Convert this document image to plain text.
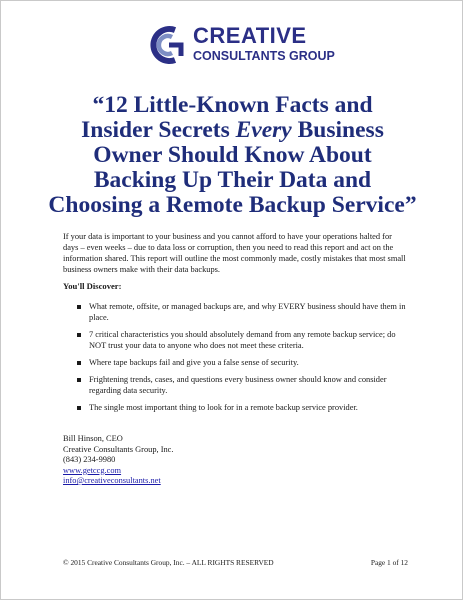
CREATIVE
CONSULTANTS GROUP
“12 Little-Known Facts and
Insider Secrets Every Business
Owner Should Know About
Backing Up Their Data and
Choosing a Remote Backup Service”

If your data is important to your business and you cannot afford to have your operations halted for days – even weeks – due to data loss or corruption, then you need to read this report and act on the information shared. This report will outline the most commonly made, costly mistakes that most small business owners make with their data backups.

You'll Discover:
What remote, offsite, or managed backups are, and why EVERY business should have them in place.
7 critical characteristics you should absolutely demand from any remote backup service; do NOT trust your data to anyone who does not meet these criteria.
Where tape backups fail and give you a false sense of security.
Frightening trends, cases, and questions every business owner should know and consider regarding data security.
The single most important thing to look for in a remote backup service provider.
Bill Hinson, CEO
Creative Consultants Group, Inc.
(843) 234-9980
www.getccg.com
info@creativeconsultants.net
© 2015 Creative Consultants Group, Inc. – ALL RIGHTS RESERVED	Page 1 of 12
